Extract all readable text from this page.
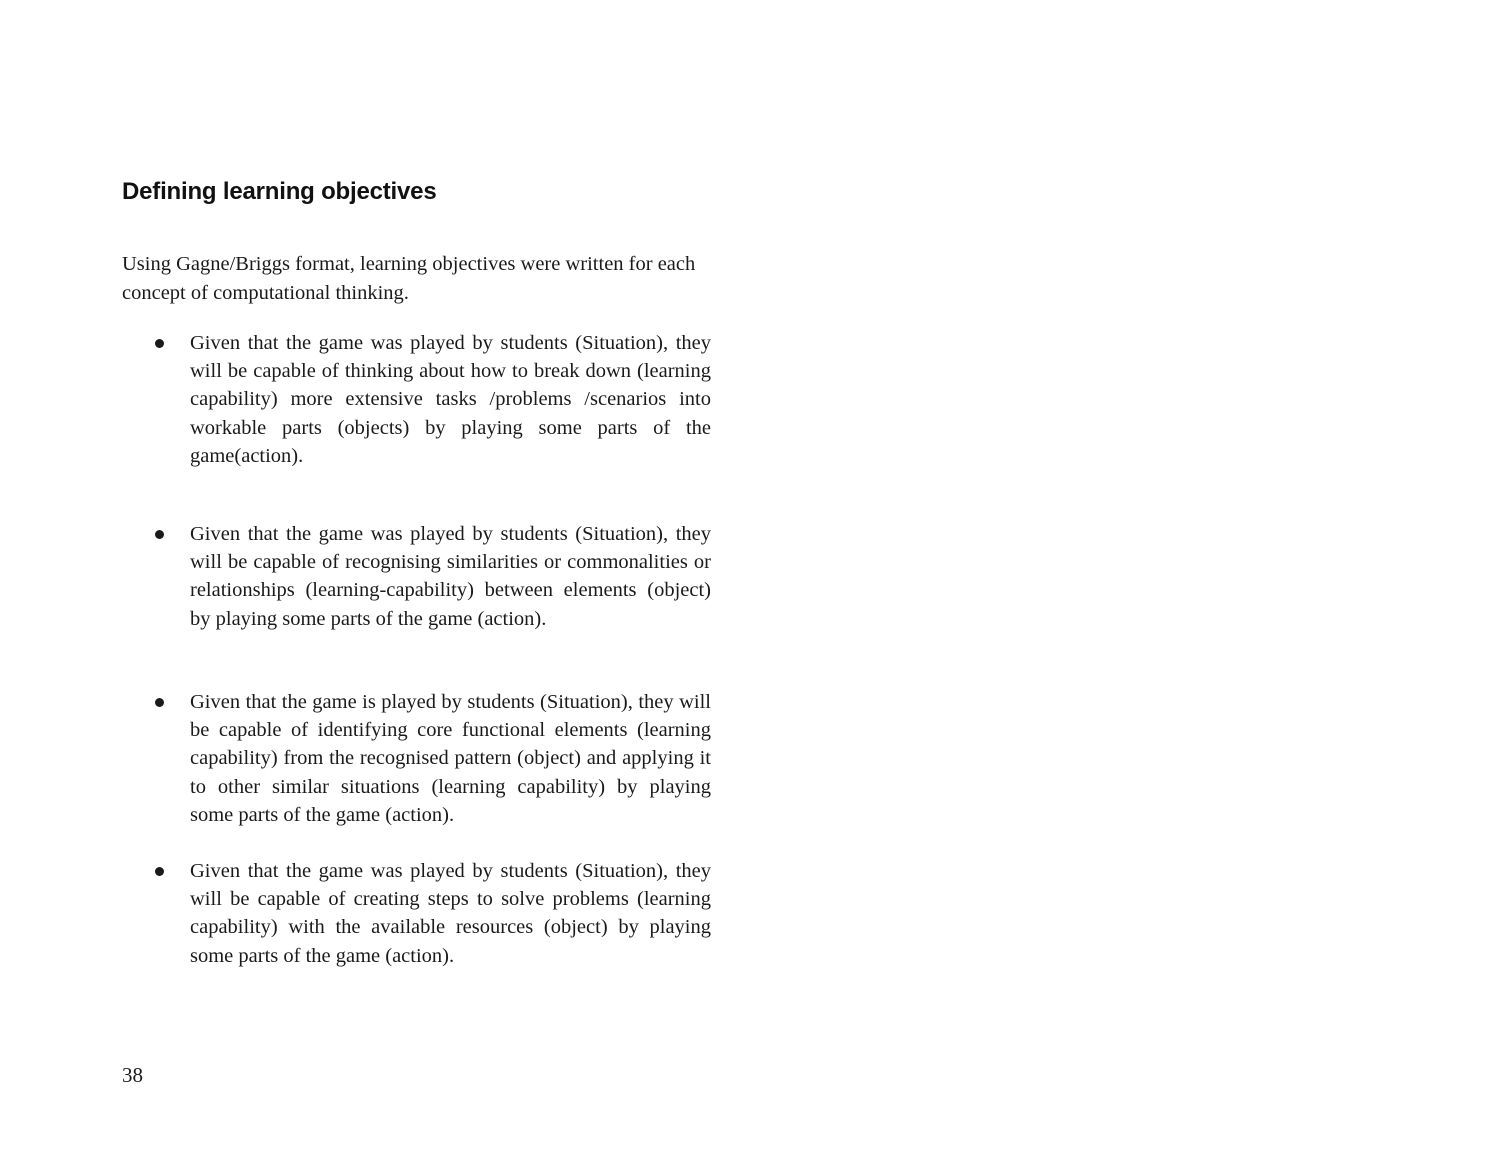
Defining learning objectives

Using Gagne/Briggs format, learning objectives were written for each concept of computational thinking.

Given that the game was played by students (Situation), they will be capable of thinking about how to break down (learning capability) more extensive tasks /problems /scenarios into workable parts (objects) by playing some parts of the game(action).

Given that the game was played by students (Situation), they will be capable of recognising similarities or commonalities or relationships (learning-capability) between elements (object) by playing some parts of the game (action).

Given that the game is played by students (Situation), they will be capable of identifying core functional elements (learning capability) from the recognised pattern (object) and applying it to other similar situations (learning capability) by playing some parts of the game (action).

Given that the game was played by students (Situation), they will be capable of creating steps to solve problems (learning capability) with the available resources (object) by playing some parts of the game (action).

38
